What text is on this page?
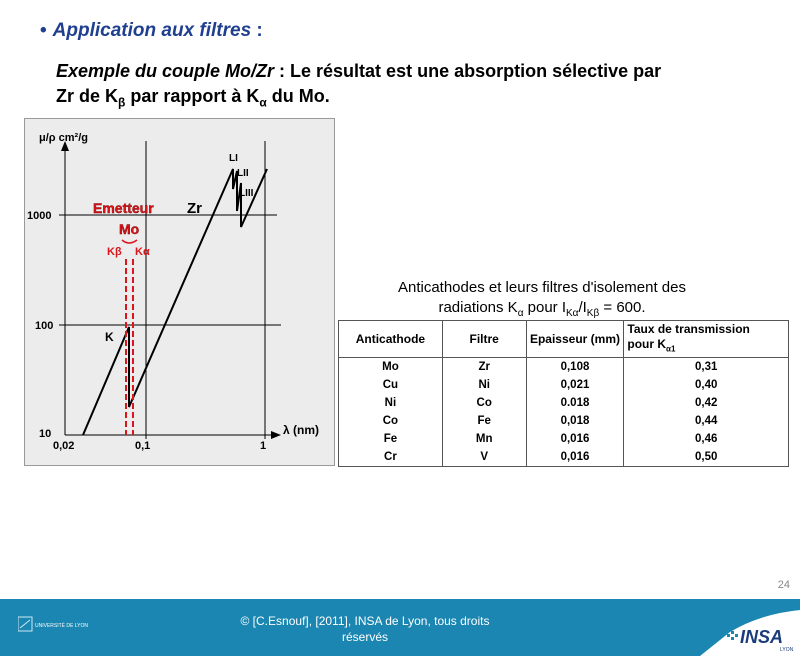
• Application aux filtres :
Exemple du couple Mo/Zr : Le résultat est une absorption sélective par
Zr de $K_\beta$ par rapport à $K_\alpha$ du Mo.
μ/ρ cm²/g
λ (nm)
1000
100
10
0,02	0,1	1
Emetteur
Mo
Kβ Kα
Zr
K
LI
LII
LIII
Anticathodes et leurs filtres d'isolement des
radiations $K_\alpha$ pour $I_{K\alpha}/I_{K\beta} = 600$.
Anticathode	Filtre	Epaisseur (mm)	Taux de transmission
pour $K_{\alpha 1}$
Mo	Zr	0,108	0,31
Cu	Ni	0,021	0,40
Ni	Co	0.018	0,42
Co	Fe	0,018	0,44
Fe	Mn	0,016	0,46
Cr	V	0,016	0,50
24
UNIVERSITÉ DE LYON	© [C.Esnouf], [2011], INSA de Lyon, tous droits
réservés	INSA
LYON
